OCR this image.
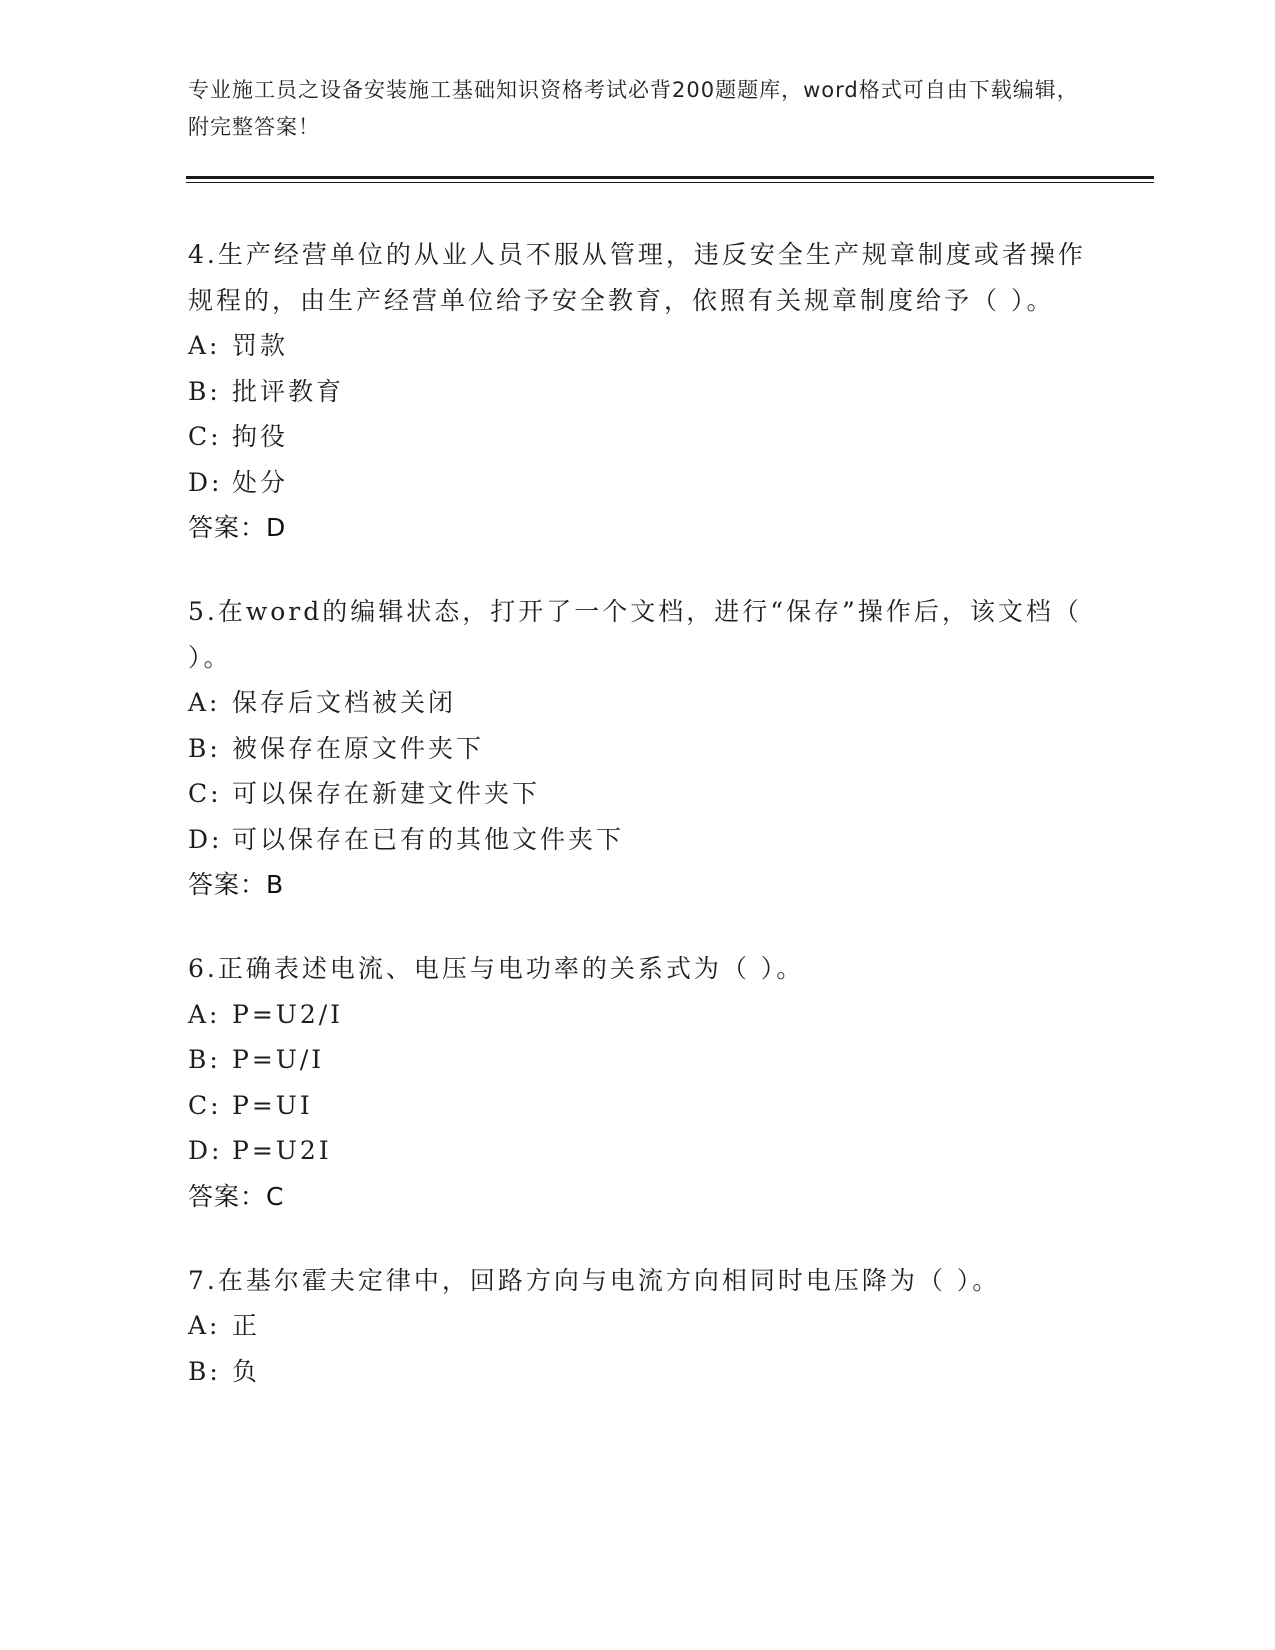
专业施工员之设备安装施工基础知识资格考试必背200题题库，word格式可自由下载编辑，附完整答案！
4.生产经营单位的从业人员不服从管理，违反安全生产规章制度或者操作规程的，由生产经营单位给予安全教育，依照有关规章制度给予（ ）。
A: 罚款
B: 批评教育
C: 拘役
D: 处分
答案：D
5.在word的编辑状态，打开了一个文档，进行“保存”操作后，该文档（ ）。
A: 保存后文档被关闭
B: 被保存在原文件夹下
C: 可以保存在新建文件夹下
D: 可以保存在已有的其他文件夹下
答案：B
6.正确表述电流、电压与电功率的关系式为（ ）。
A: P=U2/I
B: P=U/I
C: P=UI
D: P=U2I
答案：C
7.在基尔霍夫定律中，回路方向与电流方向相同时电压降为（ ）。
A: 正
B: 负
